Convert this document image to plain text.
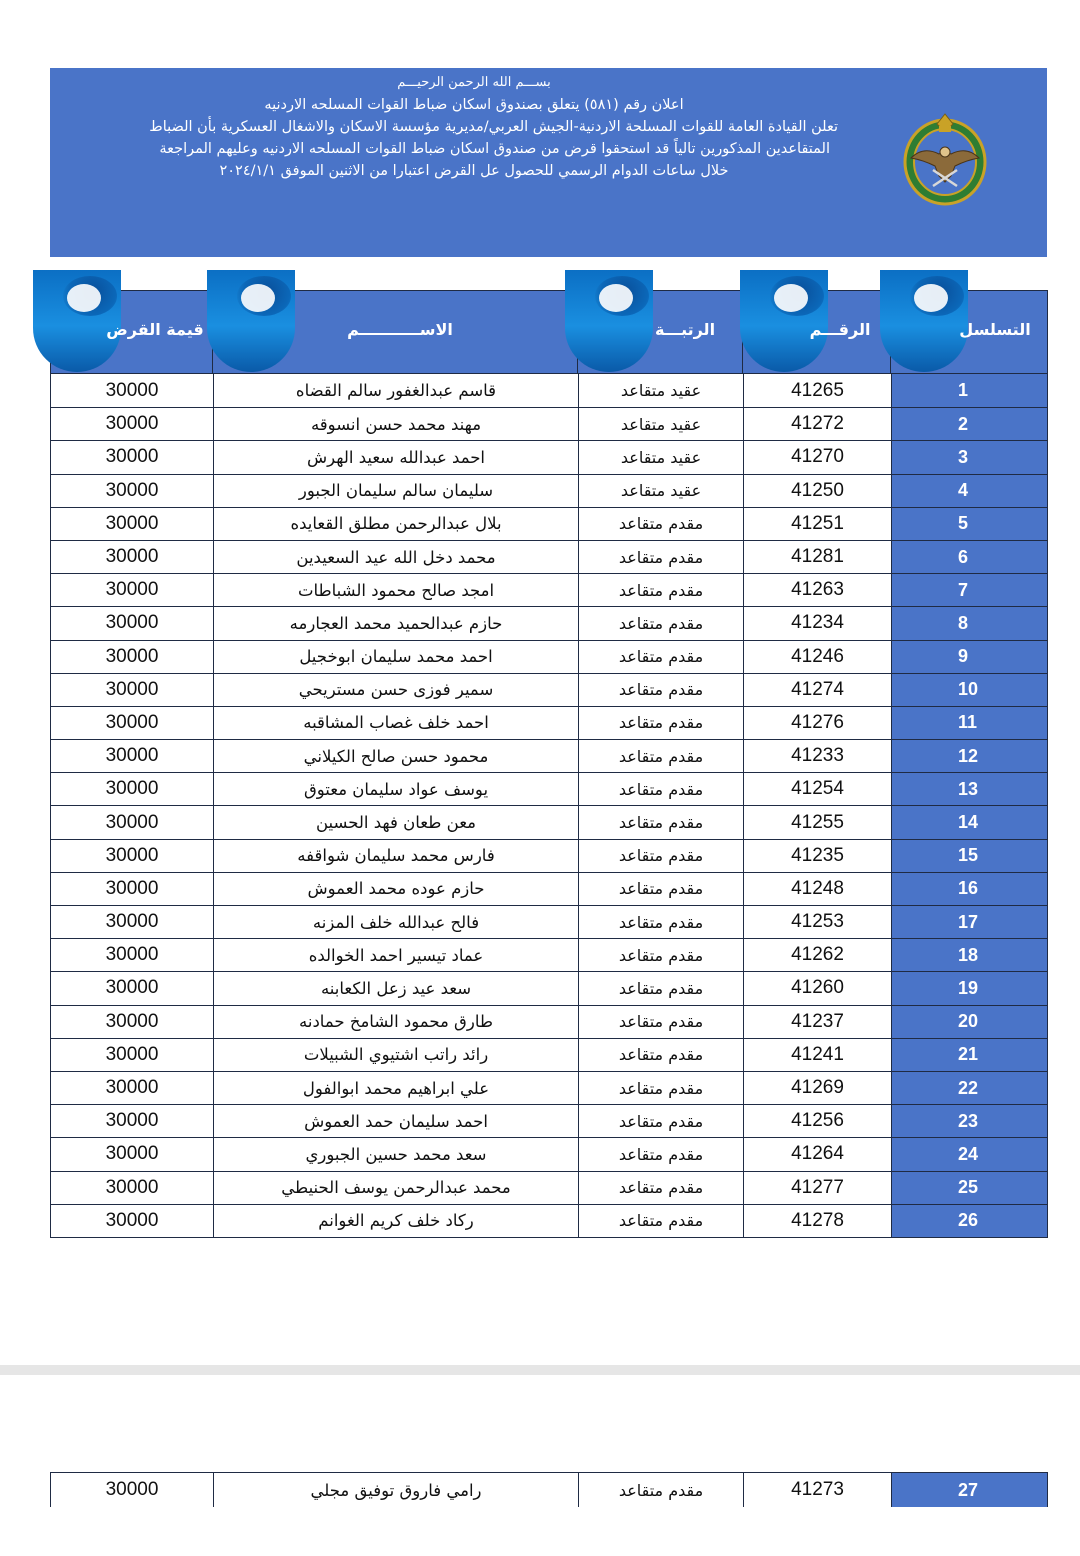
بســـم الله الرحمن الرحيـــم
اعلان رقم (٥٨١) يتعلق بصندوق اسكان ضباط القوات المسلحه الاردنيه
تعلن القيادة العامة للقوات المسلحة الاردنية-الجيش العربي/مديرية مؤسسة الاسكان والاشغال العسكرية بأن الضباط
المتقاعدين المذكورين تالياً قد استحقوا قرض من صندوق اسكان ضباط القوات المسلحه الاردنيه وعليهم المراجعة
خلال ساعات الدوام الرسمي للحصول عل القرض اعتبارا من الاثنين الموفق ٢٠٢٤/١/١
قيمة القرض	الاســـــــــــم	الرتبـــة	الرقـــم	التسلسل
30000	قاسم عبدالغفور سالم القضاه	عقيد متقاعد	41265	1
30000	مهند محمد حسن انسوقه	عقيد متقاعد	41272	2
30000	احمد عبدالله سعيد الهرش	عقيد متقاعد	41270	3
30000	سليمان سالم سليمان الجبور	عقيد متقاعد	41250	4
30000	بلال عبدالرحمن مطلق القعايده	مقدم متقاعد	41251	5
30000	محمد دخل الله عيد السعيدين	مقدم متقاعد	41281	6
30000	امجد صالح محمود الشباطات	مقدم متقاعد	41263	7
30000	حازم عبدالحميد محمد العجارمه	مقدم متقاعد	41234	8
30000	احمد محمد سليمان ابوخجيل	مقدم متقاعد	41246	9
30000	سمير فوزى حسن مستريحي	مقدم متقاعد	41274	10
30000	احمد خلف غصاب المشاقبه	مقدم متقاعد	41276	11
30000	محمود حسن صالح الكيلاني	مقدم متقاعد	41233	12
30000	يوسف عواد سليمان معتوق	مقدم متقاعد	41254	13
30000	معن طعان فهد الحسين	مقدم متقاعد	41255	14
30000	فارس محمد سليمان شواقفه	مقدم متقاعد	41235	15
30000	حازم عوده محمد العموش	مقدم متقاعد	41248	16
30000	فالح عبدالله خلف المزنه	مقدم متقاعد	41253	17
30000	عماد تيسير احمد الخوالده	مقدم متقاعد	41262	18
30000	سعد عيد زعل الكعابنه	مقدم متقاعد	41260	19
30000	طارق محمود الشامخ حمادنه	مقدم متقاعد	41237	20
30000	رائد راتب اشتيوي الشبيلات	مقدم متقاعد	41241	21
30000	علي ابراهيم محمد ابوالفول	مقدم متقاعد	41269	22
30000	احمد سليمان حمد العموش	مقدم متقاعد	41256	23
30000	سعد محمد حسين الجبوري	مقدم متقاعد	41264	24
30000	محمد عبدالرحمن يوسف الحنيطي	مقدم متقاعد	41277	25
30000	ركاد خلف كريم الغوانم	مقدم متقاعد	41278	26
30000	رامي فاروق توفيق مجلي	مقدم متقاعد	41273	27
